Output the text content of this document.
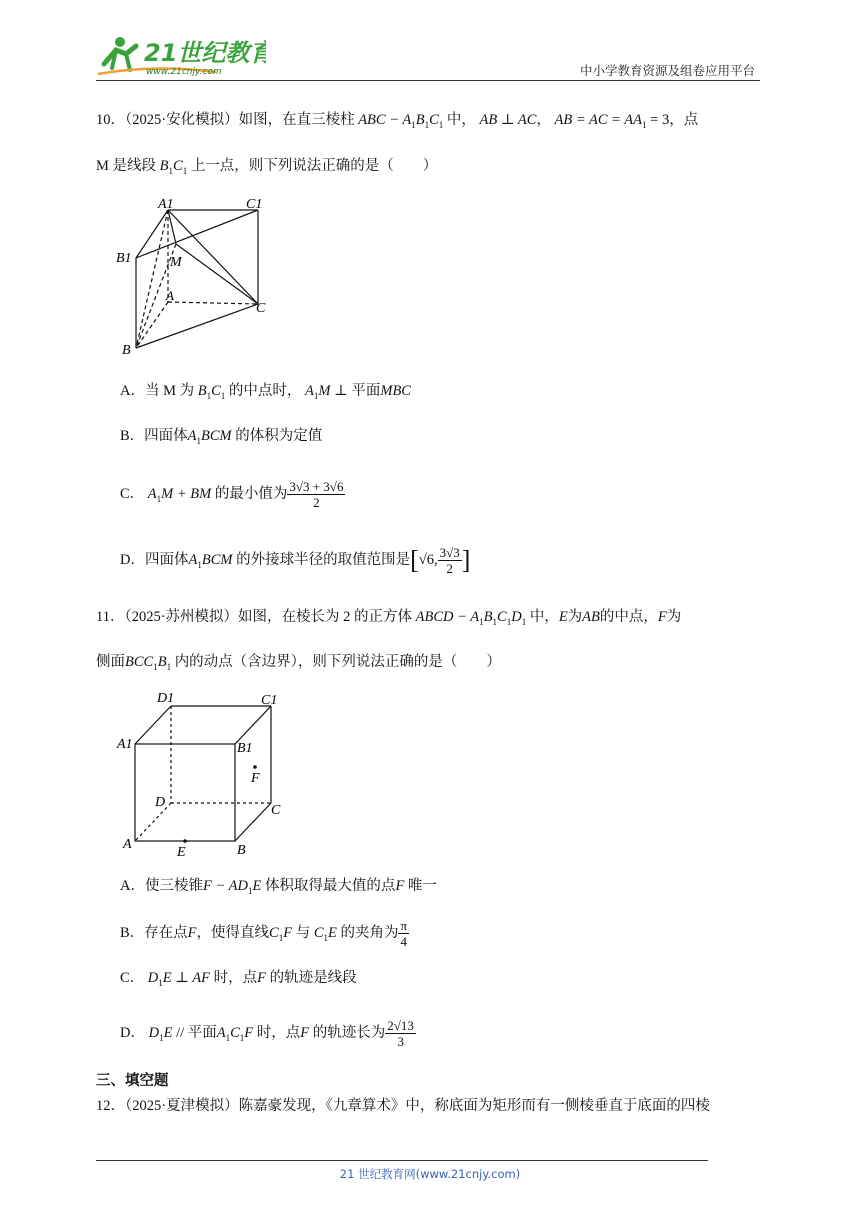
21世纪教育
www.21cnjy.com	中小学教育资源及组卷应用平台
10．（2025·安化模拟）如图，在直三棱柱 ABC − $A_1B_1C_1$ 中， AB ⊥ AC， AB = AC = $AA_1 = 3$，点
M 是线段 $B_1C_1$ 上一点，则下列说法正确的是（　　）
A1	C1
B1	M
A
C
B
A．当 M 为 $B_1C_1$ 的中点时， $A_1M$ ⊥ 平面MBC
B．四面体$A_1BCM$ 的体积为定值
C． $A_1M$ + BM 的最小值为 $\frac{3√3 + 3√6}{2}$
D．四面体$A_1BCM$ 的外接球半径的取值范围是[√6, $\frac{3√3}{2}$ ]
11．（2025·苏州模拟）如图，在棱长为 2 的正方体 ABCD − $A_1B_1C_1D_1$ 中，E为AB的中点，F为
侧面$BCC_1B_1$ 内的动点（含边界），则下列说法正确的是（　　）
D1	C1
A1	B1
F
D
C
A
E	B
A．使三棱锥$F - AD_1E$ 体积取得最大值的点F 唯一
B．存在点F，使得直线$C_1F$ 与 $C_1E$ 的夹角为 $\frac{\pi}{4}$
C． $D_1E$ ⊥ AF 时，点F 的轨迹是线段
D． $D_1E$ // 平面$A_1C_1F$ 时，点F 的轨迹长为 $\frac{2√13}{3}$
三、填空题
12．（2025·夏津模拟）陈嘉豪发现，《九章算术》中，称底面为矩形而有一侧棱垂直于底面的四棱
21 世纪教育网(www.21cnjy.com)
